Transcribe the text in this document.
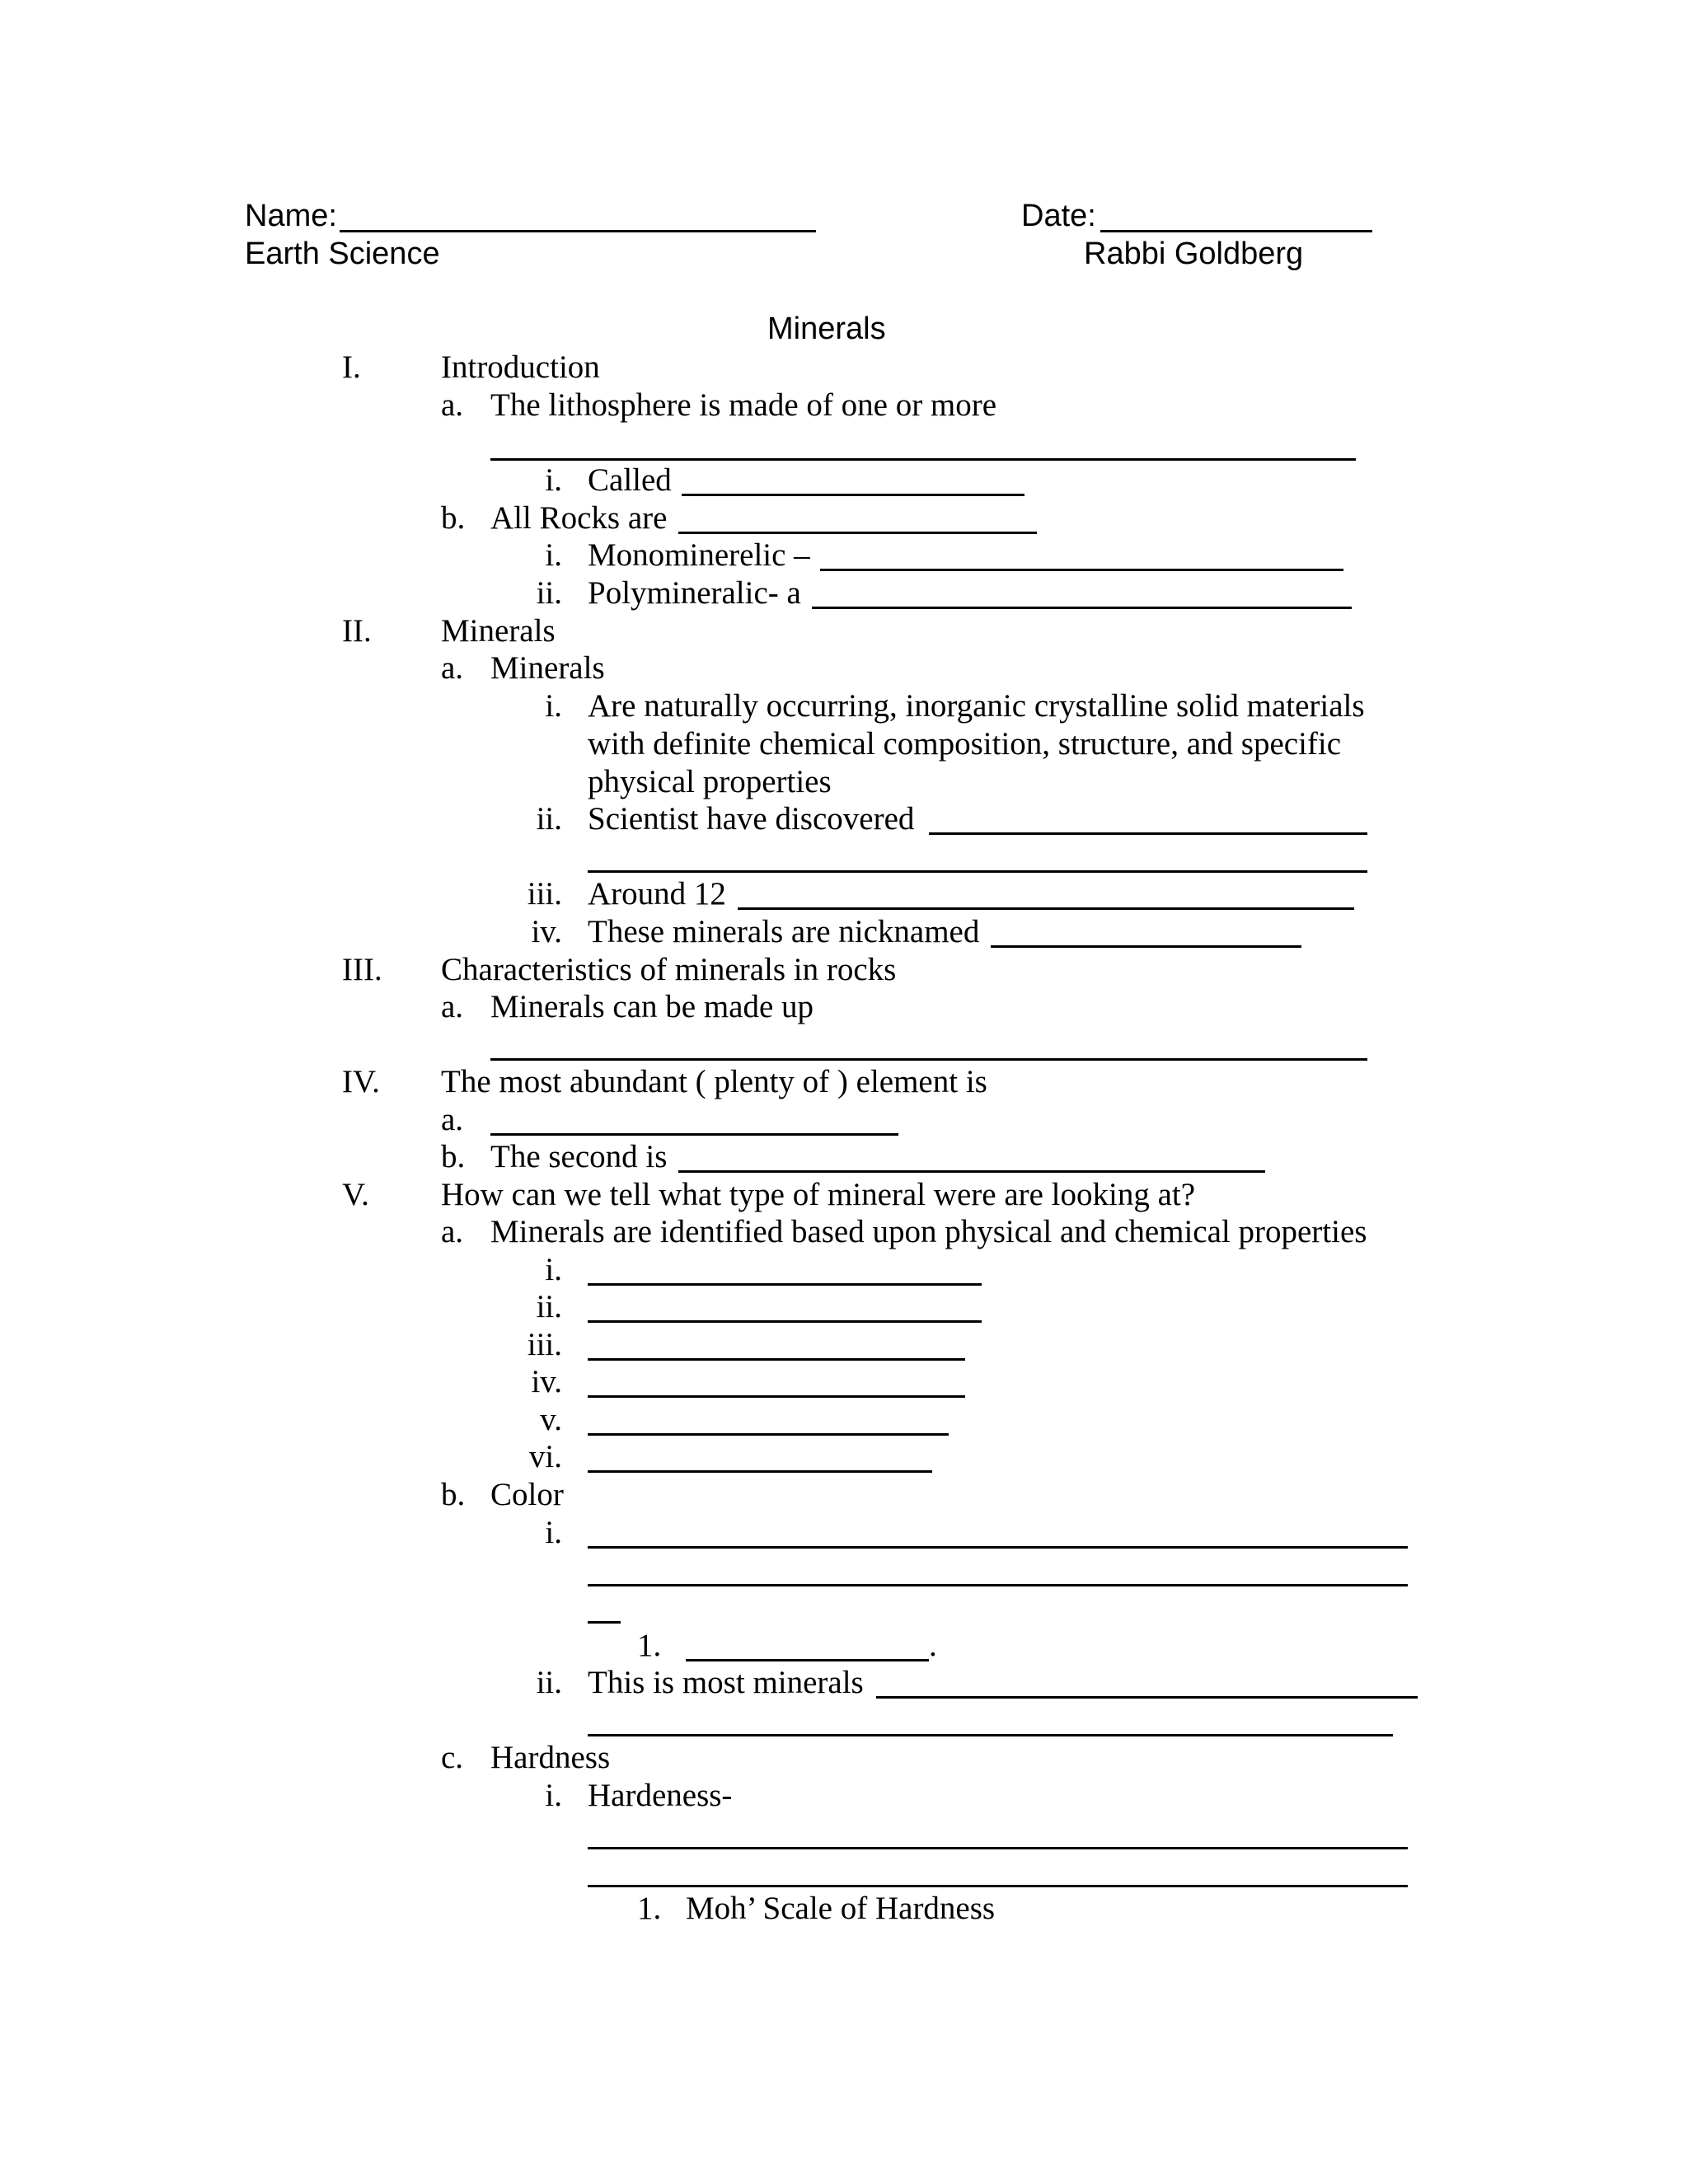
Name:	Date:
Earth Science	Rabbi Goldberg
Minerals
I. Introduction
a. The lithosphere is made of one or more
i. Called
b. All Rocks are
i. Monominerelic –
ii. Polymineralic- a
II. Minerals
a. Minerals
i. Are naturally occurring, inorganic crystalline solid materials
with definite chemical composition, structure, and specific
physical properties
ii. Scientist have discovered
iii. Around 12
iv. These minerals are nicknamed
III. Characteristics of minerals in rocks
a. Minerals can be made up
IV. The most abundant ( plenty of ) element is
a.
b. The second is
V. How can we tell what type of mineral were are looking at?
a. Minerals are identified based upon physical and chemical properties
i.
ii.
iii.
iv.
v.
vi.
b. Color
i.
1.	.
ii. This is most minerals
c. Hardness
i. Hardeness-
1. Moh’ Scale of Hardness
